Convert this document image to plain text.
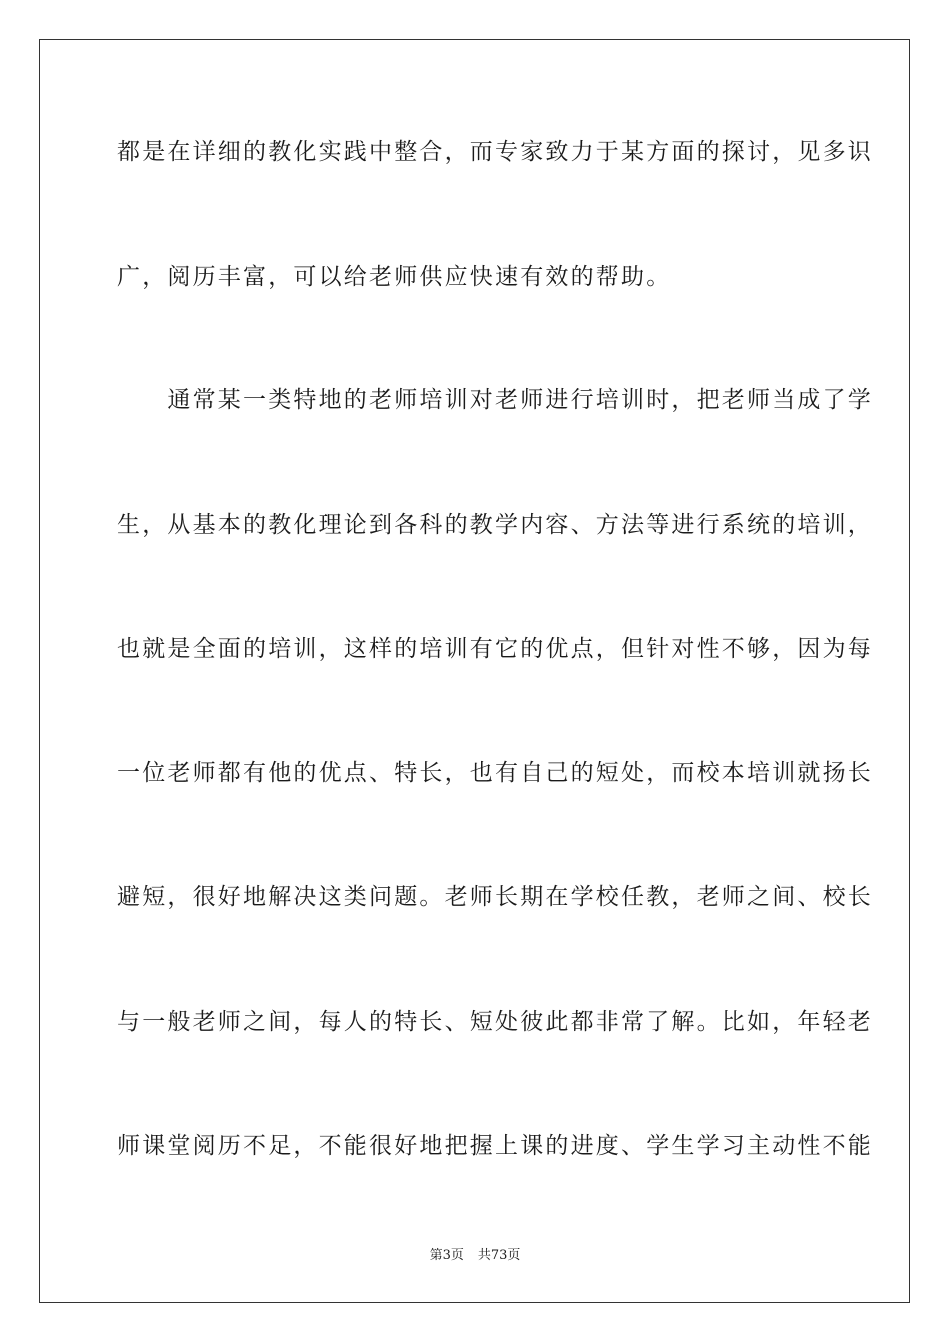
都是在详细的教化实践中整合，而专家致力于某方面的探讨，见多识
广，阅历丰富，可以给老师供应快速有效的帮助。
　　通常某一类特地的老师培训对老师进行培训时，把老师当成了学
生，从基本的教化理论到各科的教学内容、方法等进行系统的培训，
也就是全面的培训，这样的培训有它的优点，但针对性不够，因为每
一位老师都有他的优点、特长，也有自己的短处，而校本培训就扬长
避短，很好地解决这类问题。老师长期在学校任教，老师之间、校长
与一般老师之间，每人的特长、短处彼此都非常了解。比如，年轻老
师课堂阅历不足，不能很好地把握上课的进度、学生学习主动性不能
第3页 共73页
